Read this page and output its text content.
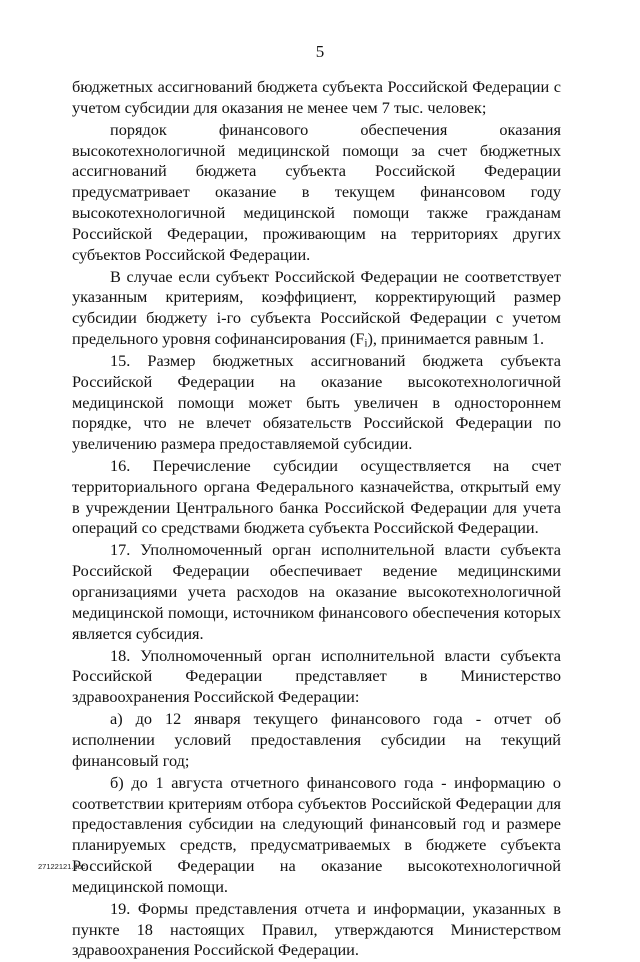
5

бюджетных ассигнований бюджета субъекта Российской Федерации с учетом субсидии для оказания не менее чем 7 тыс. человек;

порядок финансового обеспечения оказания высокотехнологичной медицинской помощи за счет бюджетных ассигнований бюджета субъекта Российской Федерации предусматривает оказание в текущем финансовом году высокотехнологичной медицинской помощи также гражданам Российской Федерации, проживающим на территориях других субъектов Российской Федерации.

В случае если субъект Российской Федерации не соответствует указанным критериям, коэффициент, корректирующий размер субсидии бюджету i-го субъекта Российской Федерации с учетом предельного уровня софинансирования $(F_i)$, принимается равным 1.

15. Размер бюджетных ассигнований бюджета субъекта Российской Федерации на оказание высокотехнологичной медицинской помощи может быть увеличен в одностороннем порядке, что не влечет обязательств Российской Федерации по увеличению размера предоставляемой субсидии.

16. Перечисление субсидии осуществляется на счет территориального органа Федерального казначейства, открытый ему в учреждении Центрального банка Российской Федерации для учета операций со средствами бюджета субъекта Российской Федерации.

17. Уполномоченный орган исполнительной власти субъекта Российской Федерации обеспечивает ведение медицинскими организациями учета расходов на оказание высокотехнологичной медицинской помощи, источником финансового обеспечения которых является субсидия.

18. Уполномоченный орган исполнительной власти субъекта Российской Федерации представляет в Министерство здравоохранения Российской Федерации:

а) до 12 января текущего финансового года - отчет об исполнении условий предоставления субсидии на текущий финансовый год;

б) до 1 августа отчетного финансового года - информацию о соответствии критериям отбора субъектов Российской Федерации для предоставления субсидии на следующий финансовый год и размере планируемых средств, предусматриваемых в бюджете субъекта Российской Федерации на оказание высокотехнологичной медицинской помощи.

19. Формы представления отчета и информации, указанных в пункте 18 настоящих Правил, утверждаются Министерством здравоохранения Российской Федерации.

27122121.doc
